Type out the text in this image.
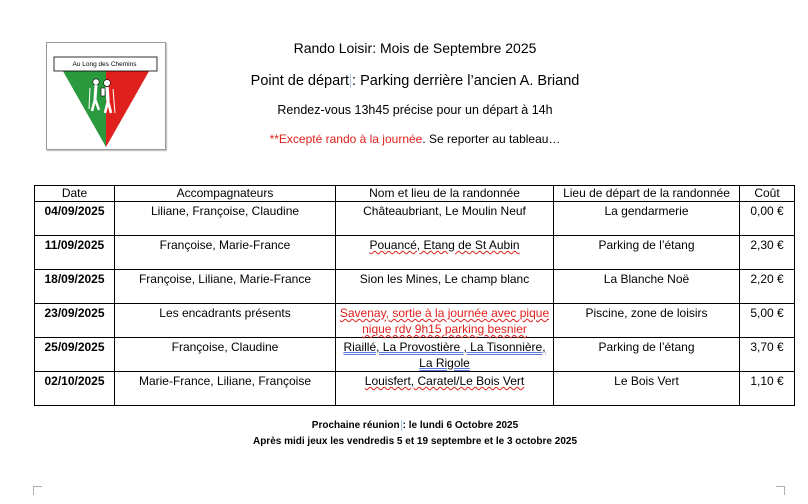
Au Long des Chemins
Rando Loisir: Mois de Septembre 2025
Point de départ : Parking derrière l’ancien A. Briand
Rendez-vous 13h45 précise pour un départ à 14h
**Excepté rando à la journée. Se reporter au tableau…
Date	Accompagnateurs	Nom et lieu de la randonnée	Lieu de départ de la randonnée	Coût
04/09/2025	Liliane, Françoise, Claudine	Châteaubriant, Le Moulin Neuf	La gendarmerie	0,00 €
11/09/2025	Françoise, Marie-France	Pouancé, Etang de St Aubin	Parking de l’étang	2,30 €
18/09/2025	Françoise, Liliane, Marie-France	Sion les Mines, Le champ blanc	La Blanche Noë	2,20 €
23/09/2025	Les encadrants présents	Savenay, sortie à la journée avec pique nique rdv 9h15 parking besnier	Piscine, zone de loisirs	5,00 €
25/09/2025	Françoise, Claudine	Riaillé, La Provostière , La Tisonnière, La Rigole	Parking de l’étang	3,70 €
02/10/2025	Marie-France, Liliane, Françoise	Louisfert, Caratel/Le Bois Vert	Le Bois Vert	1,10 €
Prochaine réunion : le lundi 6 Octobre 2025
Après midi jeux les vendredis 5 et 19 septembre et le 3 octobre 2025
